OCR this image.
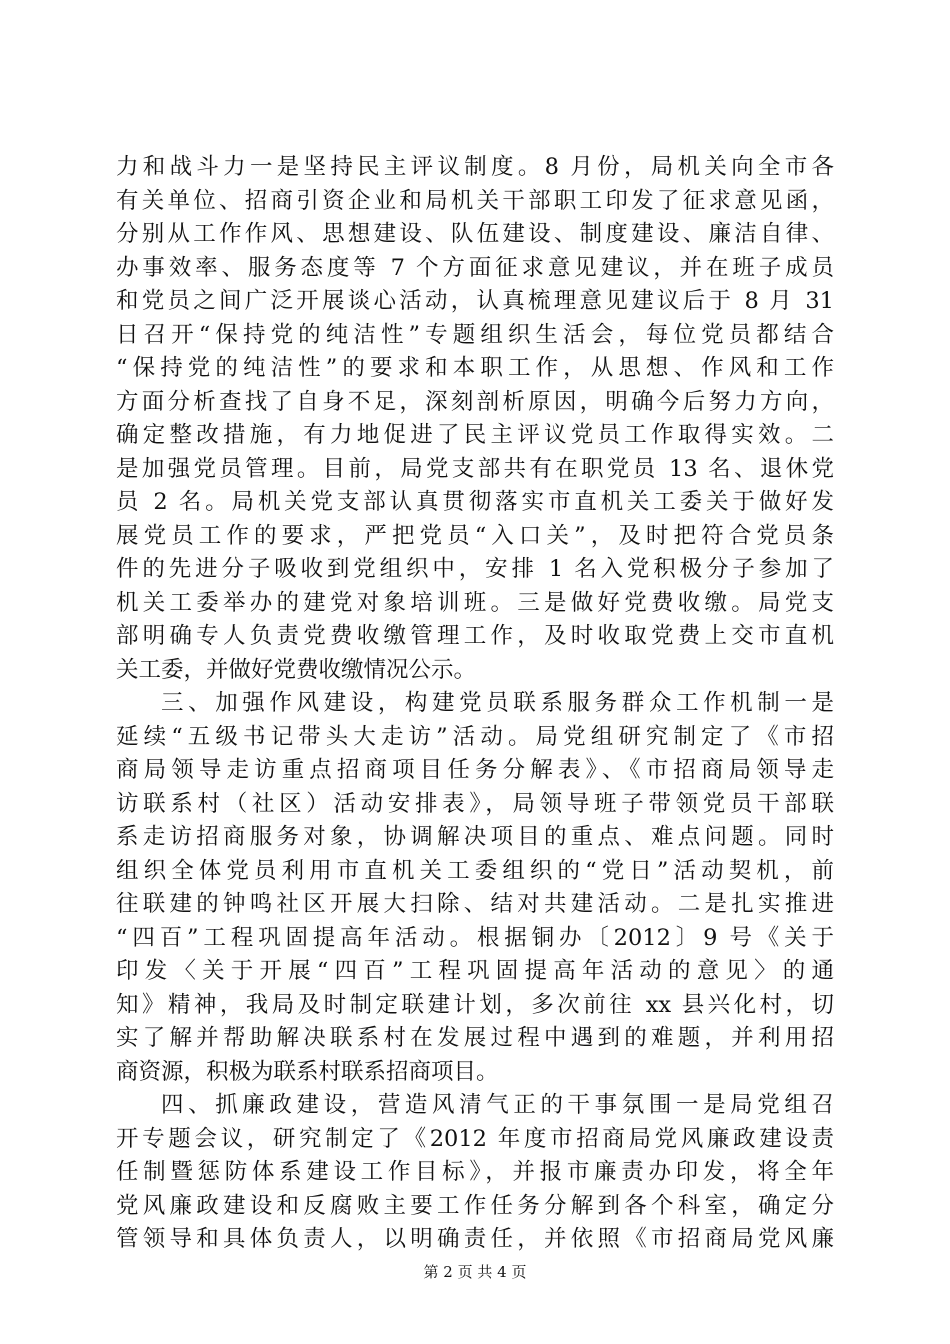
力和战斗力一是坚持民主评议制度。8 月份，局机关向全市各
有关单位、招商引资企业和局机关干部职工印发了征求意见函，
分别从工作作风、思想建设、队伍建设、制度建设、廉洁自律、
办事效率、服务态度等 7 个方面征求意见建议，并在班子成员
和党员之间广泛开展谈心活动，认真梳理意见建议后于 8 月 31
日召开“保持党的纯洁性”专题组织生活会，每位党员都结合
“保持党的纯洁性”的要求和本职工作，从思想、作风和工作
方面分析查找了自身不足，深刻剖析原因，明确今后努力方向，
确定整改措施，有力地促进了民主评议党员工作取得实效。二
是加强党员管理。目前，局党支部共有在职党员 13 名、退休党
员 2 名。局机关党支部认真贯彻落实市直机关工委关于做好发
展党员工作的要求，严把党员“入口关”，及时把符合党员条
件的先进分子吸收到党组织中，安排 1 名入党积极分子参加了
机关工委举办的建党对象培训班。三是做好党费收缴。局党支
部明确专人负责党费收缴管理工作，及时收取党费上交市直机
关工委，并做好党费收缴情况公示。
三、加强作风建设，构建党员联系服务群众工作机制一是
延续“五级书记带头大走访”活动。局党组研究制定了《市招
商局领导走访重点招商项目任务分解表》、《市招商局领导走
访联系村（社区）活动安排表》，局领导班子带领党员干部联
系走访招商服务对象，协调解决项目的重点、难点问题。同时
组织全体党员利用市直机关工委组织的“党日”活动契机，前
往联建的钟鸣社区开展大扫除、结对共建活动。二是扎实推进
“四百”工程巩固提高年活动。根据铜办〔2012〕9 号《关于
印发〈关于开展“四百”工程巩固提高年活动的意见〉的通
知》精神，我局及时制定联建计划，多次前往 xx 县兴化村，切
实了解并帮助解决联系村在发展过程中遇到的难题，并利用招
商资源，积极为联系村联系招商项目。
四、抓廉政建设，营造风清气正的干事氛围一是局党组召
开专题会议，研究制定了《2012 年度市招商局党风廉政建设责
任制暨惩防体系建设工作目标》，并报市廉责办印发，将全年
党风廉政建设和反腐败主要工作任务分解到各个科室，确定分
管领导和具体负责人，以明确责任，并依照《市招商局党风廉
第 2 页 共 4 页
